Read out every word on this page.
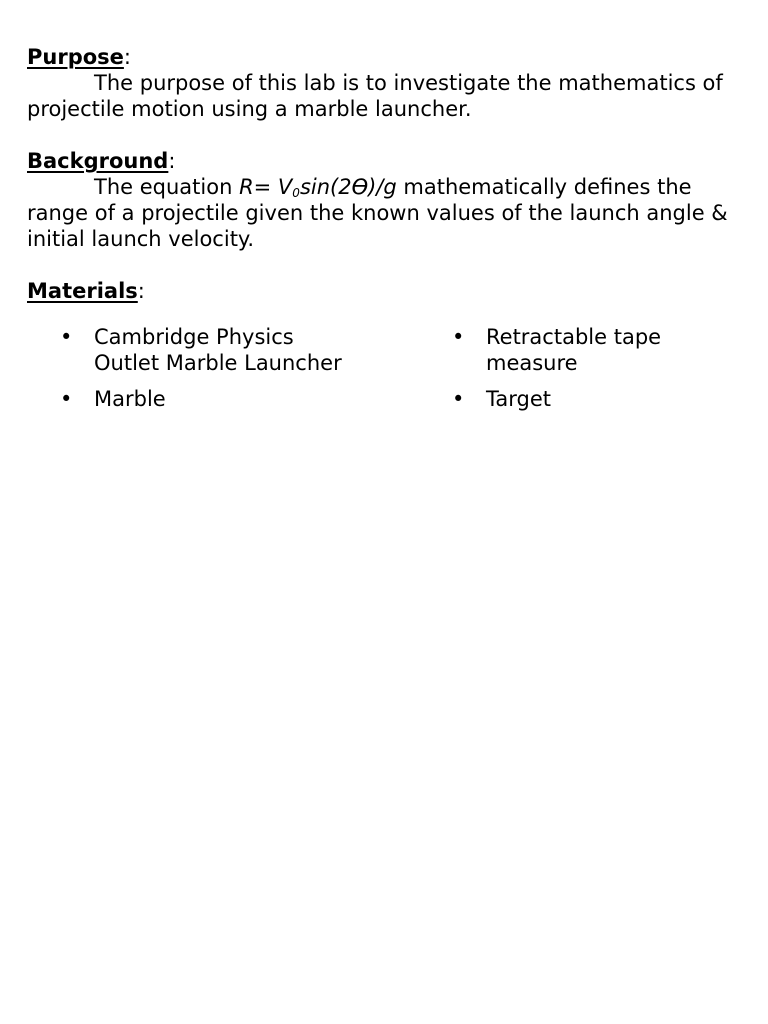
Purpose:

The purpose of this lab is to investigate the mathematics of projectile motion using a marble launcher.

Background:

The equation $R= V_0\sin(2ϴ)/g$ mathematically defines the range of a projectile given the known values of the launch angle & initial launch velocity.

Materials:

• Cambridge Physics Outlet Marble Launcher
• Marble
• Retractable tape measure
• Target
